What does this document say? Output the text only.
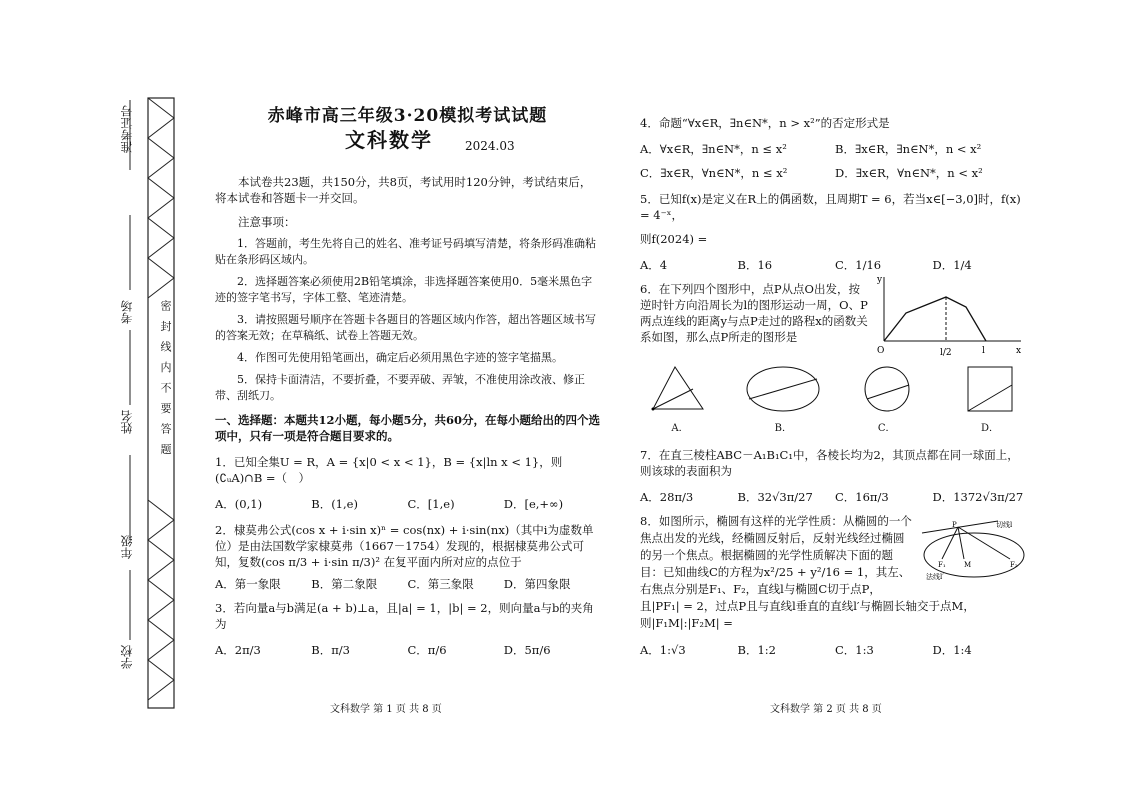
准考证号
考场
姓名
年级
学校
密 封 线 内 不 要 答 题
赤峰市高三年级3·20模拟考试试题
文科数学	2024.03

本试卷共23题，共150分，共8页，考试用时120分钟，考试结束后，将本试卷和答题卡一并交回。

注意事项：

1．答题前，考生先将自己的姓名、准考证号码填写清楚，将条形码准确粘贴在条形码区域内。

2．选择题答案必须使用2B铅笔填涂，非选择题答案使用0．5毫米黑色字迹的签字笔书写，字体工整、笔迹清楚。

3．请按照题号顺序在答题卡各题目的答题区域内作答，超出答题区域书写的答案无效；在草稿纸、试卷上答题无效。

4．作图可先使用铅笔画出，确定后必须用黑色字迹的签字笔描黑。

5．保持卡面清洁，不要折叠，不要弄破、弄皱，不准使用涂改液、修正带、刮纸刀。

一、选择题：本题共12小题，每小题5分，共60分，在每小题给出的四个选项中，只有一项是符合题目要求的。

1．已知全集U = R，A = {x|0 < x < 1}，B = {x|ln x < 1}，则(∁ᵤA)∩B =（　）

A．(0,1)	B．(1,e)	C．[1,e)	D．[e,+∞)

2．棣莫弗公式(cos x + i·sin x)ⁿ = cos(nx) + i·sin(nx)（其中i为虚数单位）是由法国数学家棣莫弗（1667－1754）发现的，根据棣莫弗公式可知，复数(cos π/3 + i·sin π/3)² 在复平面内所对应的点位于

A．第一象限	B．第二象限	C．第三象限	D．第四象限

3．若向量a与b满足(a + b)⊥a，且|a| = 1，|b| = 2，则向量a与b的夹角为

A．2π/3	B．π/3	C．π/6	D．5π/6

4．命题“∀x∈R，∃n∈N*，n > x²”的否定形式是

A．∀x∈R，∃n∈N*，n ≤ x²	B．∃x∈R，∃n∈N*，n < x²
C．∃x∈R，∀n∈N*，n ≤ x²	D．∃x∈R，∀n∈N*，n < x²

5．已知f(x)是定义在R上的偶函数，且周期T = 6，若当x∈[−3,0]时，f(x) = 4⁻ˣ，

则f(2024) =

A．4	B．16	C．1/16	D．1/4

6．在下列四个图形中，点P从点O出发，按逆时针方向沿周长为l的图形运动一周，O、P两点连线的距离y与点P走过的路程x的函数关系如图，那么点P所走的图形是

y
O	l/2	l	x
A．	B．	C．	D．

7．在直三棱柱ABC－A₁B₁C₁中，各棱长均为2，其顶点都在同一球面上，则该球的表面积为

A．28π/3	B．32√3π/27	C．16π/3	D．1372√3π/27
切线l
法线l′
P
F₁	F₂
M

8．如图所示，椭圆有这样的光学性质：从椭圆的一个焦点出发的光线，经椭圆反射后，反射光线经过椭圆的另一个焦点。根据椭圆的光学性质解决下面的题目：已知曲线C的方程为x²/25 + y²/16 = 1，其左、右焦点分别是F₁、F₂，直线l与椭圆C切于点P，且|PF₁| = 2，过点P且与直线l垂直的直线l′与椭圆长轴交于点M，则|F₁M|:|F₂M| =

A．1:√3	B．1:2	C．1:3	D．1:4
文科数学 第 1 页 共 8 页	文科数学 第 2 页 共 8 页
